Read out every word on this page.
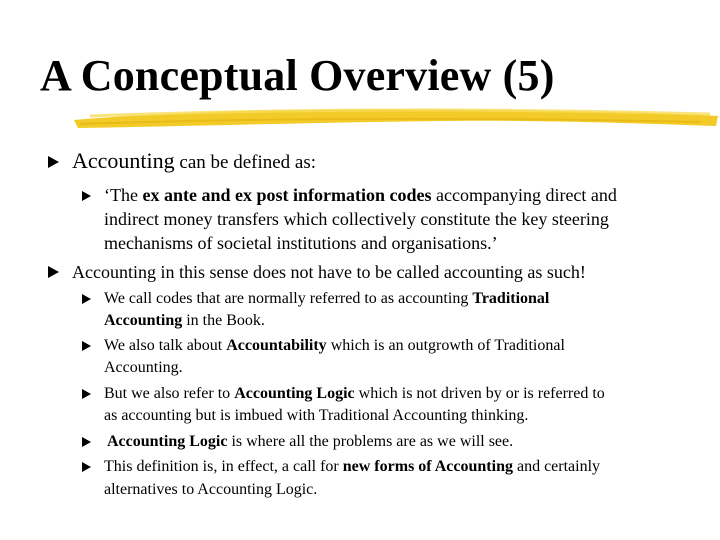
A Conceptual Overview (5)
Accounting can be defined as:
‘The ex ante and ex post information codes accompanying direct and
indirect money transfers which collectively constitute the key steering
mechanisms of societal institutions and organisations.’
Accounting in this sense does not have to be called accounting as such!
We call codes that are normally referred to as accounting Traditional
Accounting in the Book.
We also talk about Accountability which is an outgrowth of Traditional
Accounting.
But we also refer to Accounting Logic which is not driven by or is referred to
as accounting but is imbued with Traditional Accounting thinking.
Accounting Logic is where all the problems are as we will see.
This definition is, in effect, a call for new forms of Accounting and certainly
alternatives to Accounting Logic.
